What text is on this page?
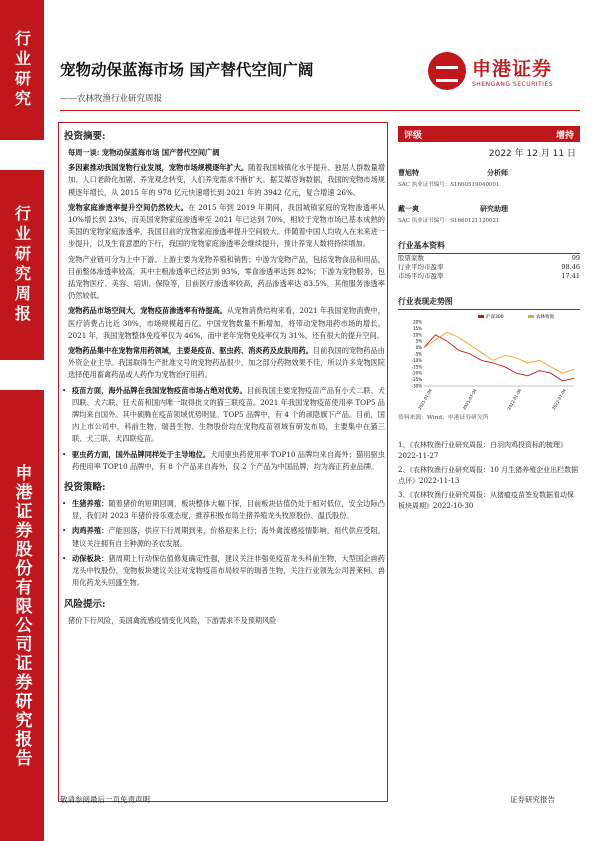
行业研究
行业研究周报
申港证券股份有限公司证券研究报告
宠物动保蓝海市场 国产替代空间广阔
——农林牧渔行业研究周报
申港证券
SHENGANG SECURITIES
投资摘要:
每周一谈: 宠物动保蓝海市场 国产替代空间广阔
多因素推动我国宠物行业发展，宠物市场规模逐年扩大。随着我国城镇化水平提升、独居人群数量增加、人口老龄化加剧、养宠观念转变，人们养宠需求不断扩大。据艾媒咨询数据，我国的宠物市场规模逐年增长，从 2015 年的 978 亿元快速增长到 2021 年的 3942 亿元，复合增速 26%。
宠物家庭渗透率提升空间仍然较大。在 2015 年到 2019 年期间，我国城镇家庭的宠物渗透率从 10%增长到 23%，而美国宠物家庭渗透率至 2021 年已达到 70%，相较于宠物市场已基本成熟的美国的宠物家庭渗透率，我国目前的宠物家庭渗透率提升空间较大。伴随着中国人均收入在未来进一步提升，以及生育意愿的下行，我国的宠物家庭渗透率会继续提升，预计养宠人数将持续增加。
宠物产业链可分为上中下游。上游主要为宠物养殖和销售；中游为宠物产品，包括宠物食品和用品，目前整体渗透率较高，其中主粮渗透率已经达到 93%，零食渗透率达到 82%；下游为宠物服务，包括宠物医疗、美容、培训、保险等，目前医疗渗透率较高，药品渗透率达 83.5%，其他服务渗透率仍然较低。
宠物药品市场空间大，宠物疫苗渗透率有待提高。从宠物消费结构来看，2021 年我国宠物消费中，医疗消费占比近 30%，市场规模超百亿。中国宠物数量不断增加，将带动宠物用药市场的增长。2021 年，我国宠物整体免疫率仅为 46%，而中老年宠物免疫率仅为 31%，还有很大的提升空间。
宠物药品集中在宠物常用药领域，主要是疫苗、驱虫药、消炎药及皮肤用药。目前我国的宠物药品由外资企业主导。我国取得生产批准文号的宠物药品很少，加之部分药物效果不佳，所以许多宠物医院选择使用畜禽药品或人药作为宠物治疗用药。
• 疫苗方面，海外品牌在我国宠物疫苗市场占绝对优势。目前我国主要宠物疫苗产品有小犬二联、犬四联、犬六联、狂犬苗和国内唯一取得批文的猫三联疫苗。2021 年我国宠物疫苗使用率 TOP5 品牌均来自国外。其中硕腾在疫苗领域优势明显。TOP5 品牌中，有 4 个的顽隐旗下产品。目前，国内上市公司中，科前生物、瑞普生物、生物股份均在宠物疫苗领域有研发布局，主要集中在猫三联、犬三联、犬四联疫苗。
• 驱虫药方面，国外品牌同样处于主导地位。犬用驱虫药使用率 TOP10 品牌均来自海外；猫用驱虫药使用率 TOP10 品牌中，有 8 个产品来自海外，仅 2 个产品为中国品牌，均为海正药业品牌。
投资策略:
• 生猪养殖：随着猪价的短期回调，板块整体大幅下探，目前板块估值仍处于相对低位，安全边际凸显，我们对 2023 年猪价持乐观态度，推荐积极布局生猪养殖龙头牧原股份、温氏股份。
• 肉鸡养殖：产能回落，供应下行周期到来，价格迎来上行；海外禽流感疫情影响，祖代供应受阻，建议关注拥有自主种源的圣农发展。
• 动保板块：猪周期上行动保估值修复确定性强，建议关注非强免疫苗龙头科前生物，大型国企兽药龙头中牧股份，宠物板块建议关注对宠物疫苗布局较早的瑞普生物，关注行业领先公司普莱柯、兽用化药龙头回盛生物。
风险提示:
猪价下行风险，美国禽流感疫情变化风险，下游需求不及预期风险
评级	增持
2022 年 12 月 11 日
曹旭特	分析师
SAC 执业证书编号：S1660519040001
戴一爽	研究助理
SAC 执业证书编号：S1660121120021
行业基本资料
股票家数	99
行业平均市盈率	98.46
市场平均市盈率	17.41
行业表现走势图
20%
15%
10%
5%
0%
-5%
-10%
-15%
-20%
-25%
-30%
2021-01-04	2021-07-04	2022-01-04	2022-07-04
沪深300	农林牧渔
资料来源：Wind，申港证券研究所
1、《农林牧渔行业研究周报：白羽肉鸡投资标的梳理》2022-11-27
2、《农林牧渔行业研究周报：10 月生猪养殖企业出栏数据点评》2022-11-13
3、《农林牧渔行业研究周报：从猪瘟疫苗签发数据看动保板块周期》2022-10-30
敬请参阅最后一页免责声明	证券研究报告
